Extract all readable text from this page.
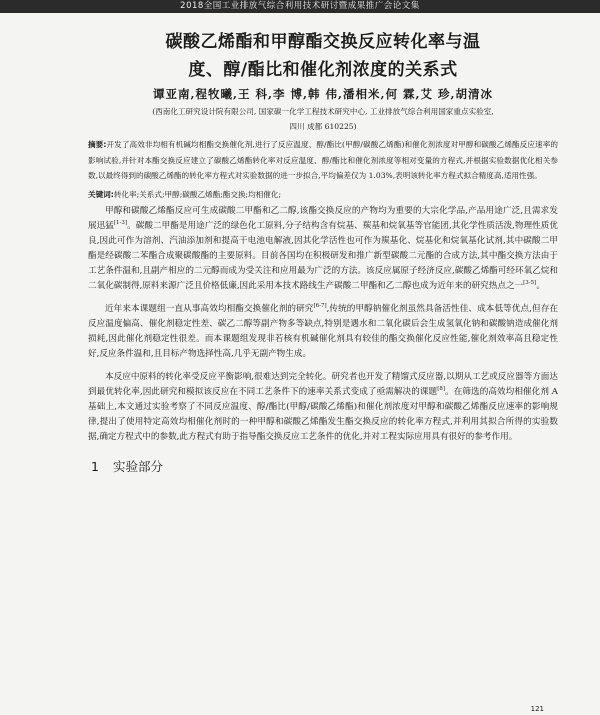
2018全国工业排放气综合利用技术研讨暨成果推广会论文集
碳酸乙烯酯和甲醇酯交换反应转化率与温
度、醇/酯比和催化剂浓度的关系式
谭亚南,程牧曦,王 科,李 博,韩 伟,潘相米,何 霖,艾 珍,胡清冰
(西南化工研究设计院有限公司, 国家碳一化学工程技术研究中心, 工业排放气综合利用国家重点实验室,
四川 成都 610225)
摘要:开发了高效非均相有机碱均相酯交换催化剂,进行了反应温度、醇/酯比(甲醇/碳酸乙烯酯)和催化剂浓度对甲醇和碳酸乙烯酯反应速率的影响试验,并针对本酯交换反应建立了碳酸乙烯酯转化率对反应温度、醇/酯比和催化剂浓度等相对变量的方程式,并根据实验数据优化相关参数,以最终得到的碳酸乙烯酯的转化率方程式对实验数据的进一步拟合,平均偏差仅为 1.03%,表明该转化率方程式拟合精度高,适用性强。
关键词:转化率;关系式;甲醇;碳酸乙烯酯;酯交换;均相催化;

甲醇和碳酸乙烯酯反应可生成碳酸二甲酯和乙二醇,该酯交换反应的产物均为重要的大宗化学品,产品用途广泛,且需求发展迅猛[1-3]。碳酸二甲酯是用途广泛的绿色化工原料,分子结构含有烷基、羰基和烷氧基等官能团,其化学性质活泼,物理性质优良,因此可作为溶剂、汽油添加剂和提高干电池电解液,因其化学活性也可作为羰基化、烷基化和烷氧基化试剂,其中碳酸二甲酯是经碳酸二苯酯合成聚碳酸酯的主要原料。目前各国均在积极研发和推广新型碳酸二元酯的合成方法,其中酯交换方法由于工艺条件温和,且副产相应的二元醇而成为受关注和应用最为广泛的方法。该反应属原子经济反应,碳酸乙烯酯可经环氧乙烷和二氧化碳制得,原料来源广泛且价格低廉,因此采用本技术路线生产碳酸二甲酯和乙二醇也成为近年来的研究热点之一[3-5]。

近年来本课题组一直从事高效均相酯交换催化剂的研究[6-7],传统的甲醇钠催化剂虽然具备活性佳、成本低等优点,但存在反应温度偏高、催化剂稳定性差、碳乙二醇等副产物多等缺点,特别是遇水和二氧化碳后会生成氢氧化钠和碳酸钠造成催化剂损耗,因此催化剂稳定性很差。而本课题组发现非若核有机碱催化剂具有较佳的酯交换催化反应性能,催化剂效率高且稳定性好,反应条件温和,且目标产物选择性高,几乎无副产物生成。

本反应中原料的转化率受反应平衡影响,很难达到完全转化。研究者也开发了精馏式反应器,以期从工艺或反应器等方面达到最优转化率,因此研究和模拟该反应在不同工艺条件下的速率关系式变成了亟需解决的课题[8]。在筛选的高效均相催化剂 A 基础上,本文通过实验考察了不同反应温度、醇/酯比(甲醇/碳酸乙烯酯)和催化剂浓度对甲醇和碳酸乙烯酯反应速率的影响规律,提出了使用特定高效均相催化剂时的一种甲醇和碳酸乙烯酯发生酯交换反应的转化率方程式,并利用其拟合所得的实验数据,确定方程式中的参数,此方程式有助于指导酯交换反应工艺条件的优化,并对工程实际应用具有很好的参考作用。

1 实验部分
121
